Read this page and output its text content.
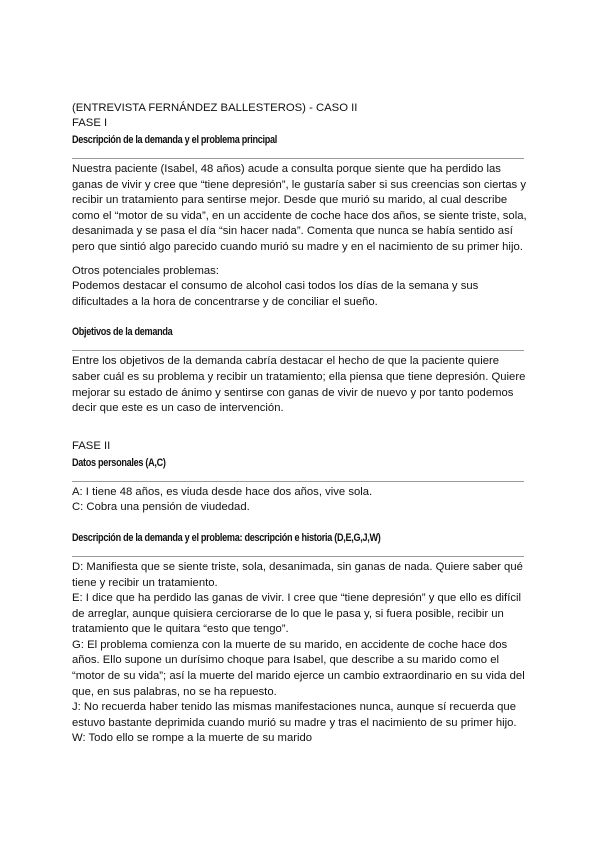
(ENTREVISTA FERNÁNDEZ BALLESTEROS) - CASO II

FASE I

Descripción de la demanda y el problema principal

Nuestra paciente (Isabel, 48 años) acude a consulta porque siente que ha perdido las ganas de vivir y cree que “tiene depresión”, le gustaría saber si sus creencias son ciertas y recibir un tratamiento para sentirse mejor. Desde que murió su marido, al cual describe como el “motor de su vida”, en un accidente de coche hace dos años, se siente triste, sola, desanimada y se pasa el día “sin hacer nada”. Comenta que nunca se había sentido así pero que sintió algo parecido cuando murió su madre y en el nacimiento de su primer hijo.

Otros potenciales problemas:

Podemos destacar el consumo de alcohol casi todos los días de la semana y sus dificultades a la hora de concentrarse y de conciliar el sueño.

Objetivos de la demanda

Entre los objetivos de la demanda cabría destacar el hecho de que la paciente quiere saber cuál es su problema y recibir un tratamiento; ella piensa que tiene depresión. Quiere mejorar su estado de ánimo y sentirse con ganas de vivir de nuevo y por tanto podemos decir que este es un caso de intervención.

FASE II

Datos personales (A,C)

A: I tiene 48 años, es viuda desde hace dos años, vive sola.

C: Cobra una pensión de viudedad.

Descripción de la demanda y el problema: descripción e historia (D,E,G,J,W)

D: Manifiesta que se siente triste, sola, desanimada, sin ganas de nada. Quiere saber qué tiene y recibir un tratamiento.

E: I dice que ha perdido las ganas de vivir. I cree que “tiene depresión” y que ello es difícil de arreglar, aunque quisiera cerciorarse de lo que le pasa y, si fuera posible, recibir un tratamiento que le quitara “esto que tengo”.

G: El problema comienza con la muerte de su marido, en accidente de coche hace dos años. Ello supone un durísimo choque para Isabel, que describe a su marido como el “motor de su vida”; así la muerte del marido ejerce un cambio extraordinario en su vida del que, en sus palabras, no se ha repuesto.

J: No recuerda haber tenido las mismas manifestaciones nunca, aunque sí recuerda que estuvo bastante deprimida cuando murió su madre y tras el nacimiento de su primer hijo.

W: Todo ello se rompe a la muerte de su marido
